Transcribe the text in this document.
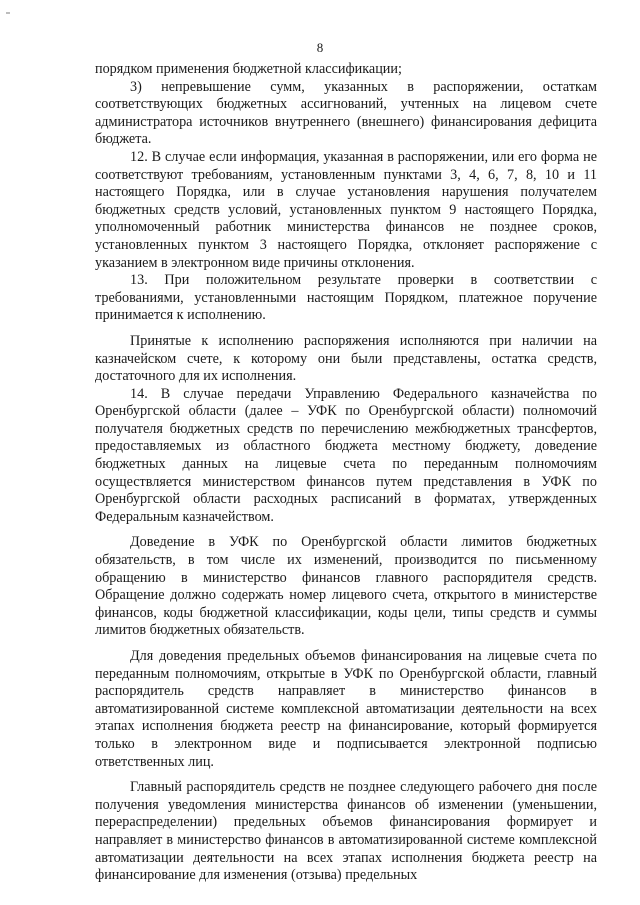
8

порядком применения бюджетной классификации;

3) непревышение сумм, указанных в распоряжении, остаткам соответствующих бюджетных ассигнований, учтенных на лицевом счете администратора источников внутреннего (внешнего) финансирования дефицита бюджета.

12. В случае если информация, указанная в распоряжении, или его форма не соответствуют требованиям, установленным пунктами 3, 4, 6, 7, 8, 10 и 11 настоящего Порядка, или в случае установления нарушения получателем бюджетных средств условий, установленных пунктом 9 настоящего Порядка, уполномоченный работник министерства финансов не позднее сроков, установленных пунктом 3 настоящего Порядка, отклоняет распоряжение с указанием в электронном виде причины отклонения.

13. При положительном результате проверки в соответствии с требованиями, установленными настоящим Порядком, платежное поручение принимается к исполнению.

Принятые к исполнению распоряжения исполняются при наличии на казначейском счете, к которому они были представлены, остатка средств, достаточного для их исполнения.

14. В случае передачи Управлению Федерального казначейства по Оренбургской области (далее – УФК по Оренбургской области) полномочий получателя бюджетных средств по перечислению межбюджетных трансфертов, предоставляемых из областного бюджета местному бюджету, доведение бюджетных данных на лицевые счета по переданным полномочиям осуществляется министерством финансов путем представления в УФК по Оренбургской области расходных расписаний в форматах, утвержденных Федеральным казначейством.

Доведение в УФК по Оренбургской области лимитов бюджетных обязательств, в том числе их изменений, производится по письменному обращению в министерство финансов главного распорядителя средств. Обращение должно содержать номер лицевого счета, открытого в министерстве финансов, коды бюджетной классификации, коды цели, типы средств и суммы лимитов бюджетных обязательств.

Для доведения предельных объемов финансирования на лицевые счета по переданным полномочиям, открытые в УФК по Оренбургской области, главный распорядитель средств направляет в министерство финансов в автоматизированной системе комплексной автоматизации деятельности на всех этапах исполнения бюджета реестр на финансирование, который формируется только в электронном виде и подписывается электронной подписью ответственных лиц.

Главный распорядитель средств не позднее следующего рабочего дня после получения уведомления министерства финансов об изменении (уменьшении, перераспределении) предельных объемов финансирования формирует и направляет в министерство финансов в автоматизированной системе комплексной автоматизации деятельности на всех этапах исполнения бюджета реестр на финансирование для изменения (отзыва) предельных
